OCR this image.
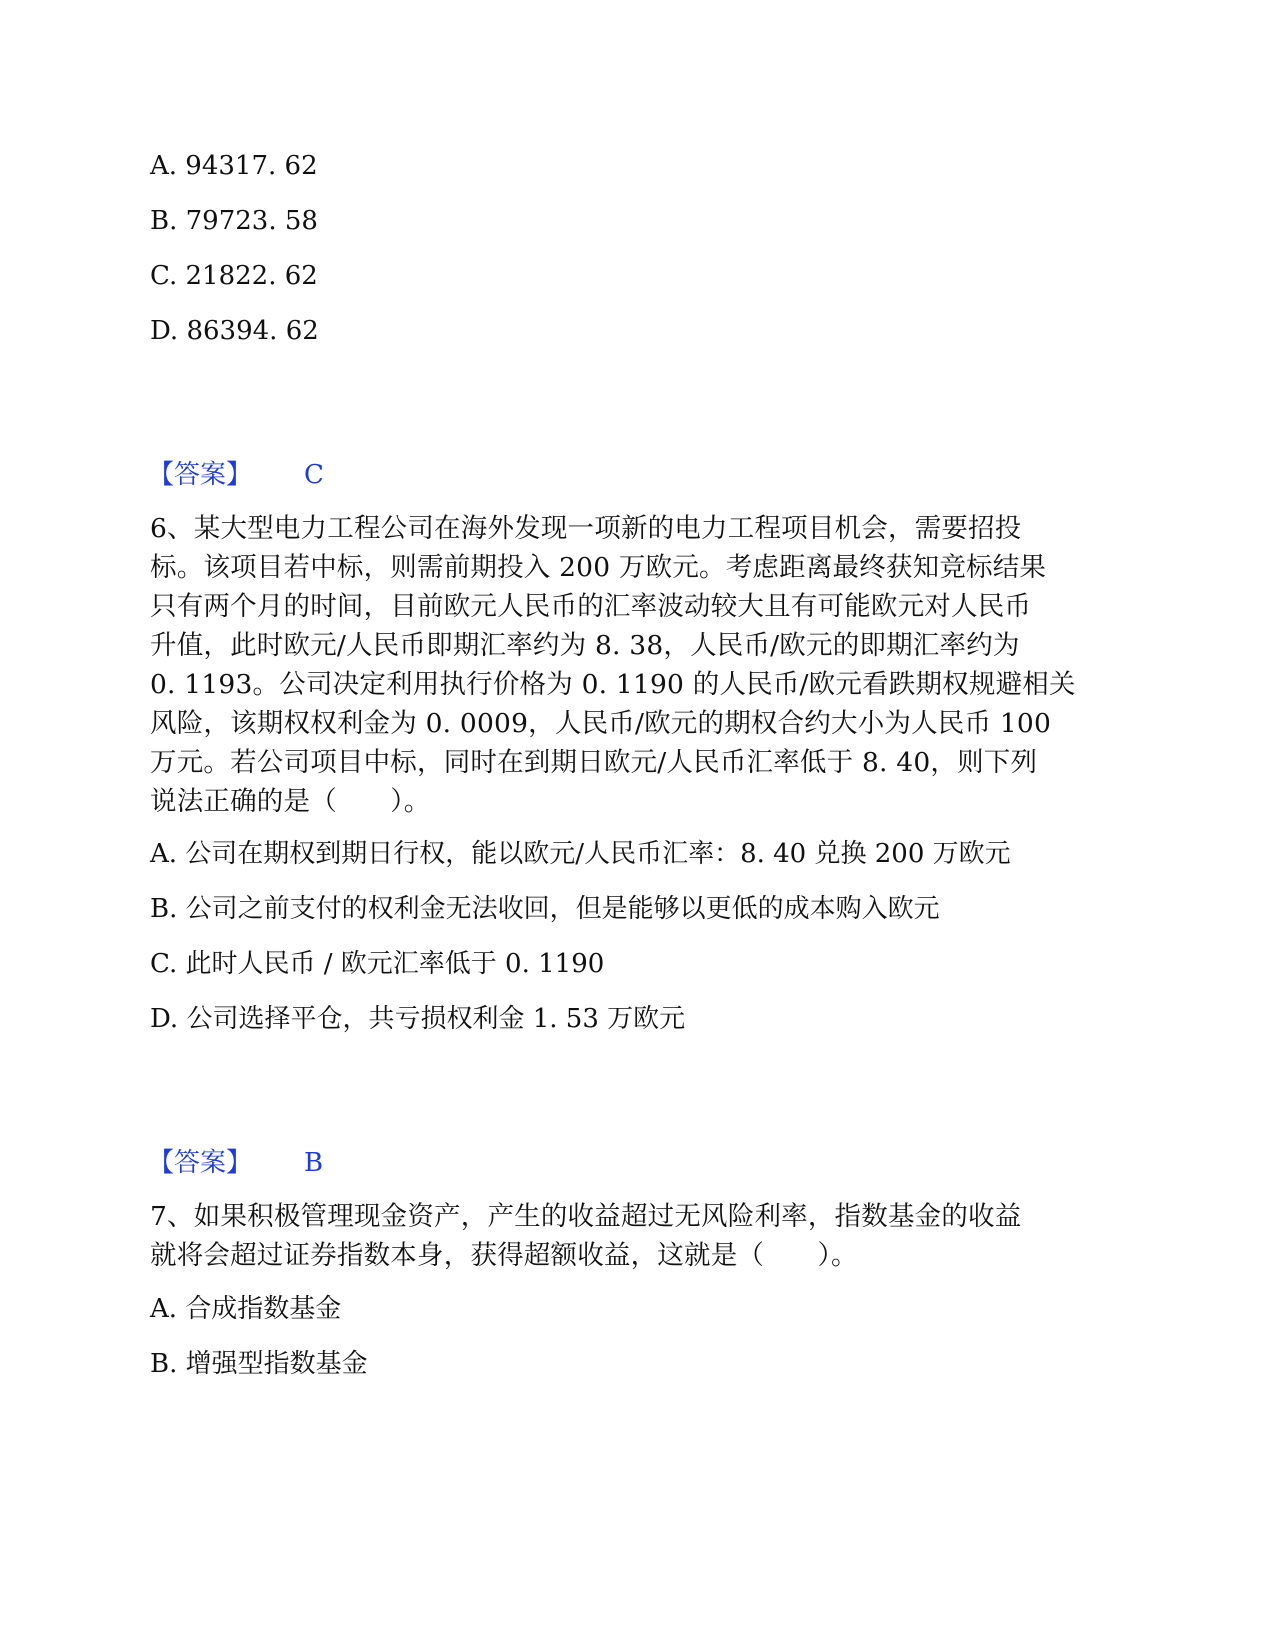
A. 94317. 62
B. 79723. 58
C. 21822. 62
D. 86394. 62
【答案】 C
6、某大型电力工程公司在海外发现一项新的电力工程项目机会，需要招投
标。该项目若中标，则需前期投入 200 万欧元。考虑距离最终获知竞标结果
只有两个月的时间，目前欧元人民币的汇率波动较大且有可能欧元对人民币
升值，此时欧元/人民币即期汇率约为 8. 38，人民币/欧元的即期汇率约为
0. 1193。公司决定利用执行价格为 0. 1190 的人民币/欧元看跌期权规避相关
风险，该期权权利金为 0. 0009，人民币/欧元的期权合约大小为人民币 100
万元。若公司项目中标，同时在到期日欧元/人民币汇率低于 8. 40，则下列
说法正确的是（　　）。
A. 公司在期权到期日行权，能以欧元/人民币汇率：8. 40 兑换 200 万欧元
B. 公司之前支付的权利金无法收回，但是能够以更低的成本购入欧元
C. 此时人民币 / 欧元汇率低于 0. 1190
D. 公司选择平仓，共亏损权利金 1. 53 万欧元
【答案】 B
7、如果积极管理现金资产，产生的收益超过无风险利率，指数基金的收益
就将会超过证券指数本身，获得超额收益，这就是（　　）。
A. 合成指数基金
B. 增强型指数基金
